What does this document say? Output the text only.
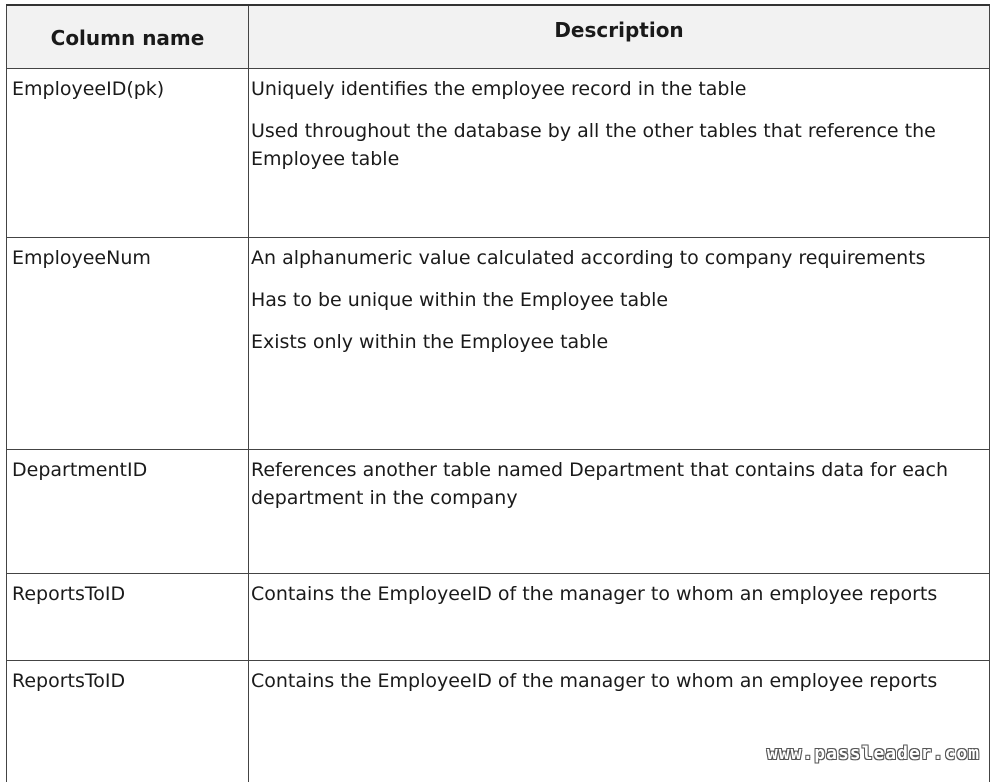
Column name	Description
EmployeeID(pk)	Uniquely identifies the employee record in the table

Used throughout the database by all the other tables that reference the Employee table

EmployeeNum	An alphanumeric value calculated according to company requirements

Has to be unique within the Employee table

Exists only within the Employee table

DepartmentID	References another table named Department that contains data for each department in the company

ReportsToID	Contains the EmployeeID of the manager to whom an employee reports

ReportsToID	Contains the EmployeeID of the manager to whom an employee reports

www.passleader.com
